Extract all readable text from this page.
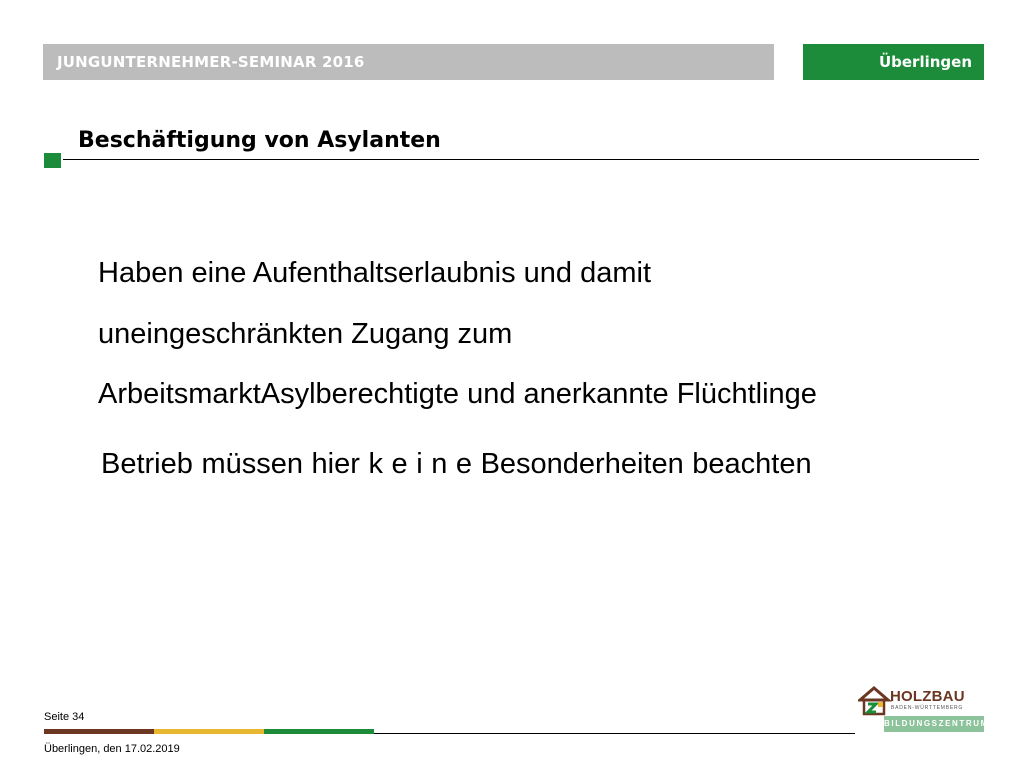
JUNGUNTERNEHMER-SEMINAR 2016	Überlingen
Beschäftigung von Asylanten
Haben eine Aufenthaltserlaubnis und damit
uneingeschränkten Zugang zum
ArbeitsmarktAsylberechtigte und anerkannte Flüchtlinge
Betrieb müssen hier k e i n e Besonderheiten beachten
Seite 34
Überlingen, den 17.02.2019
HOLZBAU
BADEN-WÜRTTEMBERG
BILDUNGSZENTRUM
